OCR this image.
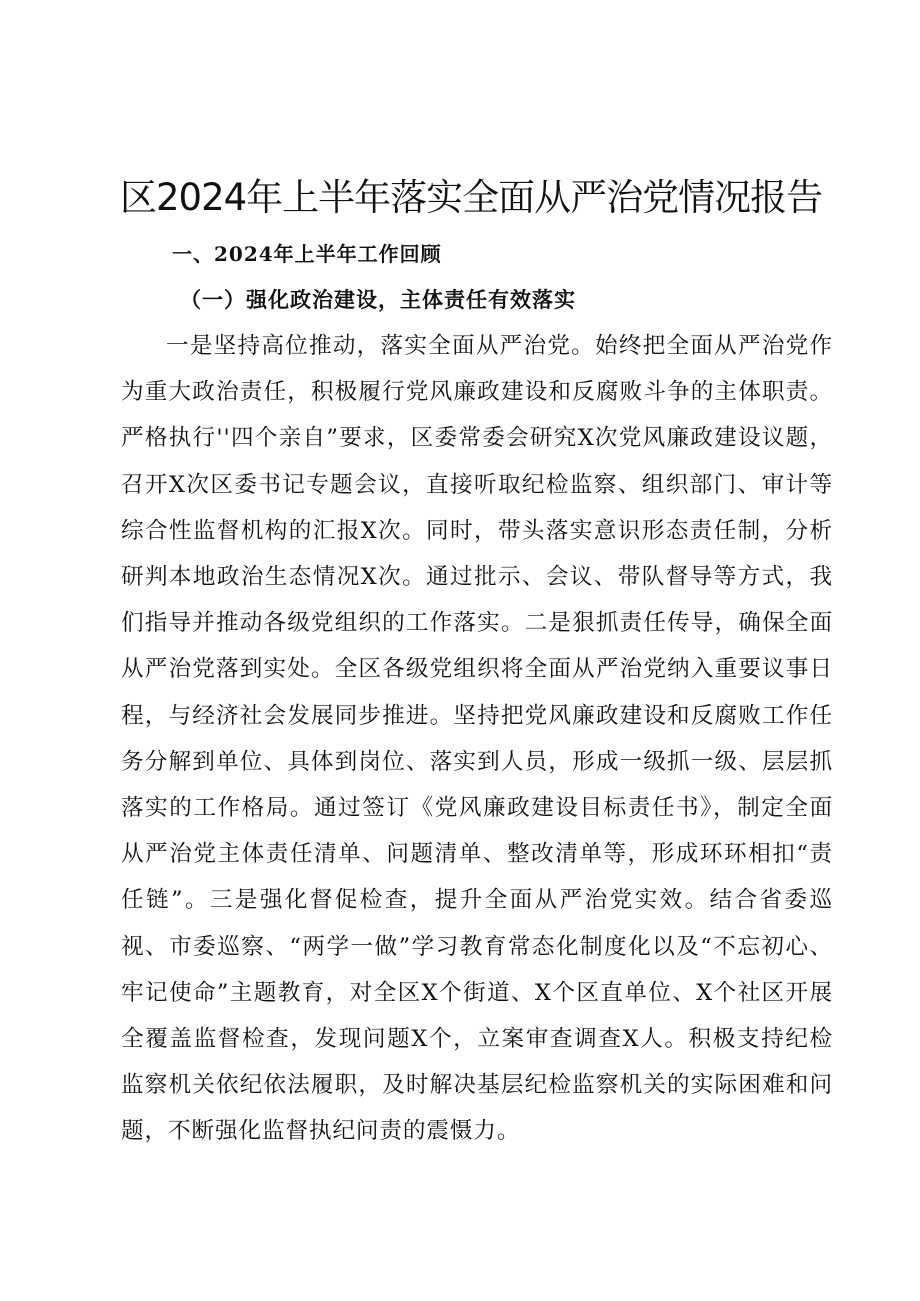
区2024年上半年落实全面从严治党情况报告
一、2024年上半年工作回顾
（一）强化政治建设，主体责任有效落实

一是坚持高位推动，落实全面从严治党。始终把全面从严治党作为重大政治责任，积极履行党风廉政建设和反腐败斗争的主体职责。严格执行''四个亲自”要求，区委常委会研究X次党风廉政建设议题，召开X次区委书记专题会议，直接听取纪检监察、组织部门、审计等综合性监督机构的汇报X次。同时，带头落实意识形态责任制，分析研判本地政治生态情况X次。通过批示、会议、带队督导等方式，我们指导并推动各级党组织的工作落实。二是狠抓责任传导，确保全面从严治党落到实处。全区各级党组织将全面从严治党纳入重要议事日程，与经济社会发展同步推进。坚持把党风廉政建设和反腐败工作任务分解到单位、具体到岗位、落实到人员，形成一级抓一级、层层抓落实的工作格局。通过签订《党风廉政建设目标责任书》，制定全面从严治党主体责任清单、问题清单、整改清单等，形成环环相扣“责任链”。三是强化督促检查，提升全面从严治党实效。结合省委巡视、市委巡察、“两学一做”学习教育常态化制度化以及“不忘初心、牢记使命”主题教育，对全区X个街道、X个区直单位、X个社区开展全覆盖监督检查，发现问题X个，立案审查调查X人。积极支持纪检监察机关依纪依法履职，及时解决基层纪检监察机关的实际困难和问题，不断强化监督执纪问责的震慑力。
